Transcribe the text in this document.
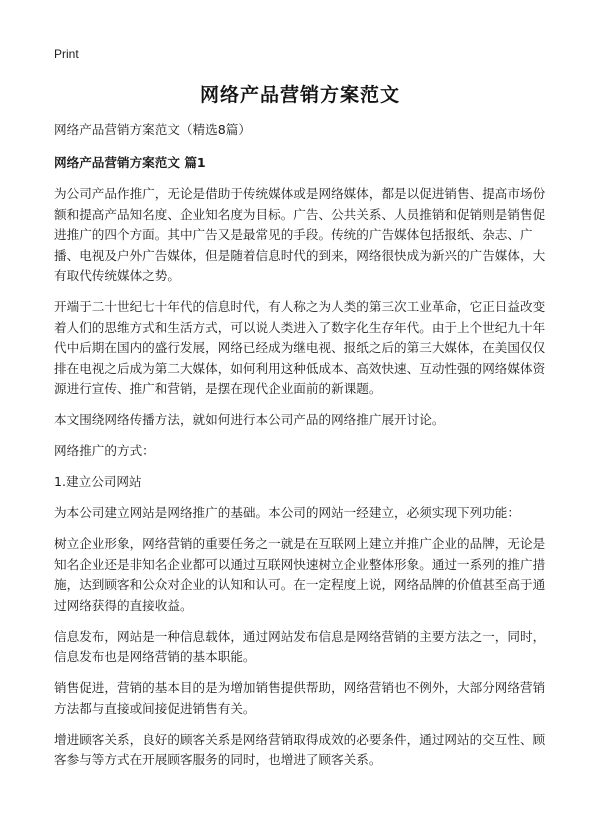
Print
网络产品营销方案范文

网络产品营销方案范文（精选8篇）

网络产品营销方案范文 篇1

为公司产品作推广，无论是借助于传统媒体或是网络媒体，都是以促进销售、提高市场份额和提高产品知名度、企业知名度为目标。广告、公共关系、人员推销和促销则是销售促进推广的四个方面。其中广告又是最常见的手段。传统的广告媒体包括报纸、杂志、广播、电视及户外广告媒体，但是随着信息时代的到来，网络很快成为新兴的广告媒体，大有取代传统媒体之势。

开端于二十世纪七十年代的信息时代，有人称之为人类的第三次工业革命，它正日益改变着人们的思维方式和生活方式，可以说人类进入了数字化生存年代。由于上个世纪九十年代中后期在国内的盛行发展，网络已经成为继电视、报纸之后的第三大媒体，在美国仅仅排在电视之后成为第二大媒体，如何利用这种低成本、高效快速、互动性强的网络媒体资源进行宣传、推广和营销，是摆在现代企业面前的新课题。

本文围绕网络传播方法，就如何进行本公司产品的网络推广展开讨论。

网络推广的方式：

1.建立公司网站

为本公司建立网站是网络推广的基础。本公司的网站一经建立，必须实现下列功能：

树立企业形象，网络营销的重要任务之一就是在互联网上建立并推广企业的品牌，无论是知名企业还是非知名企业都可以通过互联网快速树立企业整体形象。通过一系列的推广措施，达到顾客和公众对企业的认知和认可。在一定程度上说，网络品牌的价值甚至高于通过网络获得的直接收益。

信息发布，网站是一种信息载体，通过网站发布信息是网络营销的主要方法之一，同时，信息发布也是网络营销的基本职能。

销售促进，营销的基本目的是为增加销售提供帮助，网络营销也不例外，大部分网络营销方法都与直接或间接促进销售有关。

增进顾客关系，良好的顾客关系是网络营销取得成效的必要条件，通过网站的交互性、顾客参与等方式在开展顾客服务的同时，也增进了顾客关系。
